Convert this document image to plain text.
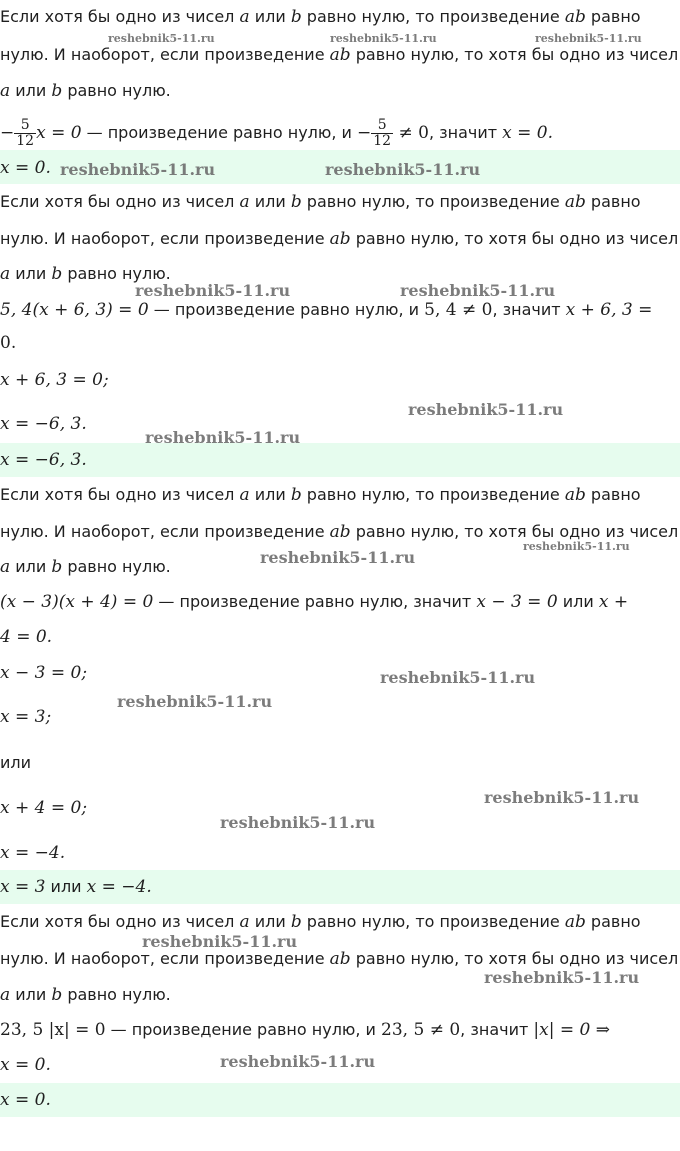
Если хотя бы одно из чисел a или b равно нулю, то произведение ab равно
нулю. И наоборот, если произведение ab равно нулю, то хотя бы одно из чисел
a или b равно нулю.
− $\frac{5}{12}$ x = 0 — произведение равно нулю, $и - \frac{5}{12} \ne 0$, значит x = 0.
x = 0.
Если хотя бы одно из чисел a или b равно нулю, то произведение ab равно
нулю. И наоборот, если произведение ab равно нулю, то хотя бы одно из чисел
a или b равно нулю.
5, 4(x + 6, 3) = 0 — произведение равно нулю, и 5, 4 ≠ 0, значит x + 6, 3 =
0.
x + 6, 3 = 0;
x = −6, 3.
x = −6, 3.
Если хотя бы одно из чисел a или b равно нулю, то произведение ab равно
нулю. И наоборот, если произведение ab равно нулю, то хотя бы одно из чисел
a или b равно нулю.
(x − 3)(x + 4) = 0 — произведение равно нулю, значит x − 3 = 0 или x +
4 = 0.
x − 3 = 0;
x = 3;
или
x + 4 = 0;
x = −4.
x = 3 или x = −4.
Если хотя бы одно из чисел a или b равно нулю, то произведение ab равно
нулю. И наоборот, если произведение ab равно нулю, то хотя бы одно из чисел
a или b равно нулю.
23, 5 |x| = 0 — произведение равно нулю, и 23, 5 ≠ 0, значит |x| = 0 ⇒
x = 0.
x = 0.
reshebnik5-11.ru	reshebnik5-11.ru	reshebnik5-11.ru
reshebnik5-11.ru	reshebnik5-11.ru
reshebnik5-11.ru	reshebnik5-11.ru
reshebnik5-11.ru
reshebnik5-11.ru
reshebnik5-11.ru
reshebnik5-11.ru
reshebnik5-11.ru
reshebnik5-11.ru
reshebnik5-11.ru
reshebnik5-11.ru
reshebnik5-11.ru
reshebnik5-11.ru
reshebnik5-11.ru
